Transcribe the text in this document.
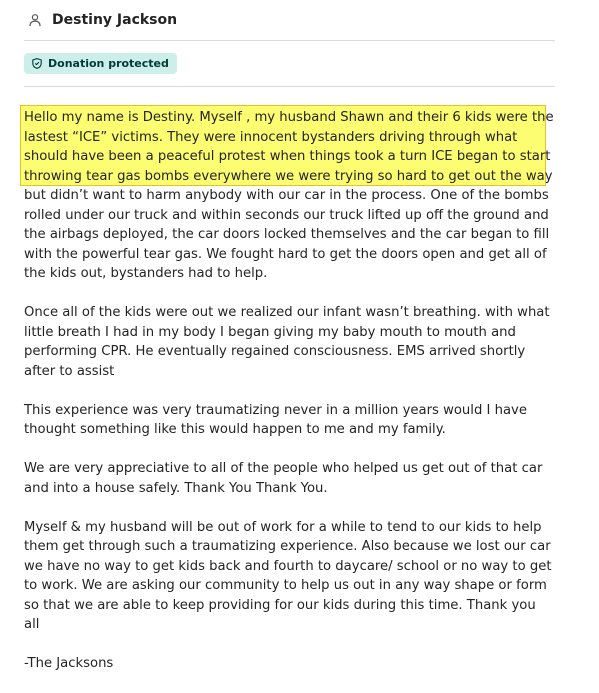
Destiny Jackson
Donation protected

Hello my name is Destiny. Myself , my husband Shawn and their 6 kids were the lastest “ICE” victims. They were innocent bystanders driving through what should have been a peaceful protest when things took a turn ICE began to start throwing tear gas bombs everywhere we were trying so hard to get out the way but didn’t want to harm anybody with our car in the process. One of the bombs rolled under our truck and within seconds our truck lifted up off the ground and the airbags deployed, the car doors locked themselves and the car began to fill with the powerful tear gas. We fought hard to get the doors open and get all of the kids out, bystanders had to help.

Once all of the kids were out we realized our infant wasn’t breathing. with what little breath I had in my body I began giving my baby mouth to mouth and performing CPR. He eventually regained consciousness. EMS arrived shortly after to assist

This experience was very traumatizing never in a million years would I have thought something like this would happen to me and my family.

We are very appreciative to all of the people who helped us get out of that car and into a house safely. Thank You Thank You.

Myself & my husband will be out of work for a while to tend to our kids to help them get through such a traumatizing experience. Also because we lost our car we have no way to get kids back and fourth to daycare/ school or no way to get to work. We are asking our community to help us out in any way shape or form so that we are able to keep providing for our kids during this time. Thank you all

-The Jacksons
